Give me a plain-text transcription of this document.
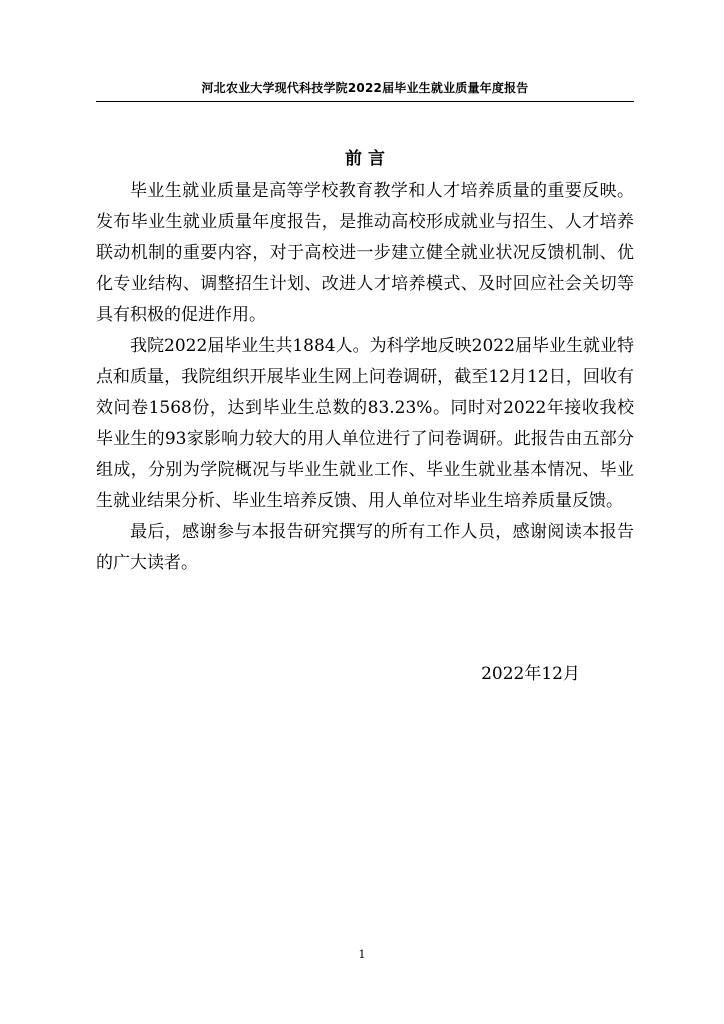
河北农业大学现代科技学院2022届毕业生就业质量年度报告
前 言

毕业生就业质量是高等学校教育教学和人才培养质量的重要反映。发布毕业生就业质量年度报告，是推动高校形成就业与招生、人才培养联动机制的重要内容，对于高校进一步建立健全就业状况反馈机制、优化专业结构、调整招生计划、改进人才培养模式、及时回应社会关切等具有积极的促进作用。

我院2022届毕业生共1884人。为科学地反映2022届毕业生就业特点和质量，我院组织开展毕业生网上问卷调研，截至12月12日，回收有效问卷1568份，达到毕业生总数的83.23%。同时对2022年接收我校毕业生的93家影响力较大的用人单位进行了问卷调研。此报告由五部分组成，分别为学院概况与毕业生就业工作、毕业生就业基本情况、毕业生就业结果分析、毕业生培养反馈、用人单位对毕业生培养质量反馈。

最后，感谢参与本报告研究撰写的所有工作人员，感谢阅读本报告的广大读者。

2022年12月
1
